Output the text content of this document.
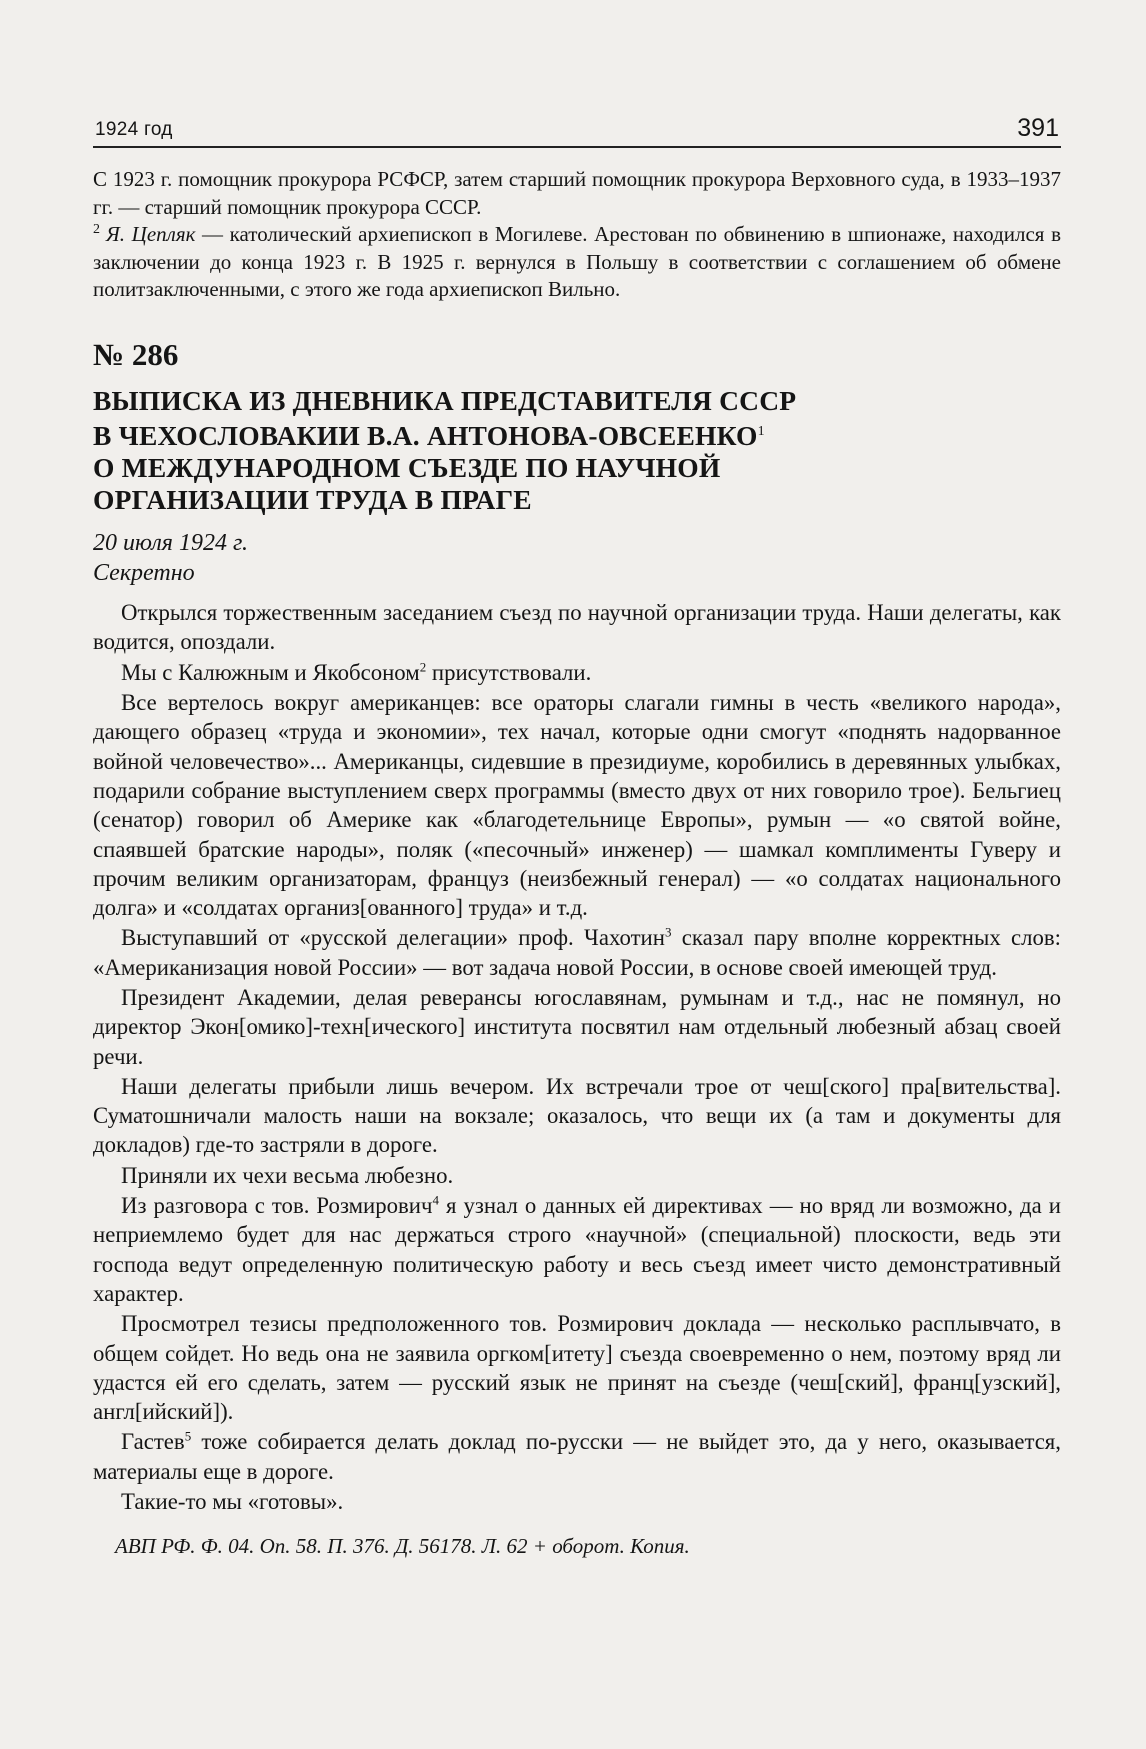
1924 год	391

С 1923 г. помощник прокурора РСФСР, затем старший помощник прокурора Верховного суда, в 1933–1937 гг. — старший помощник прокурора СССР.

$^2$ Я. Цепляк — католический архиепископ в Могилеве. Арестован по обвинению в шпионаже, находился в заключении до конца 1923 г. В 1925 г. вернулся в Польшу в соответствии с соглашением об обмене политзаключенными, с этого же года архиепископ Вильно.

№ 286
ВЫПИСКА ИЗ ДНЕВНИКА ПРЕДСТАВИТЕЛЯ СССР
В ЧЕХОСЛОВАКИИ В.А. АНТОНОВА-ОВСЕЕНКО$^1$
О МЕЖДУНАРОДНОМ СЪЕЗДЕ ПО НАУЧНОЙ
ОРГАНИЗАЦИИ ТРУДА В ПРАГЕ

20 июля 1924 г.

Секретно

Открылся торжественным заседанием съезд по научной организации труда. Наши делегаты, как водится, опоздали.

Мы с Калюжным и Якобсоном$^2$ присутствовали.

Все вертелось вокруг американцев: все ораторы слагали гимны в честь «великого народа», дающего образец «труда и экономии», тех начал, которые одни смогут «поднять надорванное войной человечество»... Американцы, сидевшие в президиуме, коробились в деревянных улыбках, подарили собрание выступлением сверх программы (вместо двух от них говорило трое). Бельгиец (сенатор) говорил об Америке как «благодетельнице Европы», румын — «о святой войне, спаявшей братские народы», поляк («песочный» инженер) — шамкал комплименты Гуверу и прочим великим организаторам, француз (неизбежный генерал) — «о солдатах национального долга» и «солдатах организ[ованного] труда» и т.д.

Выступавший от «русской делегации» проф. Чахотин$^3$ сказал пару вполне корректных слов: «Американизация новой России» — вот задача новой России, в основе своей имеющей труд.

Президент Академии, делая реверансы югославянам, румынам и т.д., нас не помянул, но директор Экон[омико]-техн[ического] института посвятил нам отдельный любезный абзац своей речи.

Наши делегаты прибыли лишь вечером. Их встречали трое от чеш[ского] пра[вительства]. Суматошничали малость наши на вокзале; оказалось, что вещи их (а там и документы для докладов) где-то застряли в дороге.

Приняли их чехи весьма любезно.

Из разговора с тов. Розмирович$^4$ я узнал о данных ей директивах — но вряд ли возможно, да и неприемлемо будет для нас держаться строго «научной» (специальной) плоскости, ведь эти господа ведут определенную политическую работу и весь съезд имеет чисто демонстративный характер.

Просмотрел тезисы предположенного тов. Розмирович доклада — несколько расплывчато, в общем сойдет. Но ведь она не заявила оргком[итету] съезда своевременно о нем, поэтому вряд ли удастся ей его сделать, затем — русский язык не принят на съезде (чеш[ский], франц[узский], англ[ийский]).

Гастев$^5$ тоже собирается делать доклад по-русски — не выйдет это, да у него, оказывается, материалы еще в дороге.

Такие-то мы «готовы».

АВП РФ. Ф. 04. Оп. 58. П. 376. Д. 56178. Л. 62 + оборот. Копия.
